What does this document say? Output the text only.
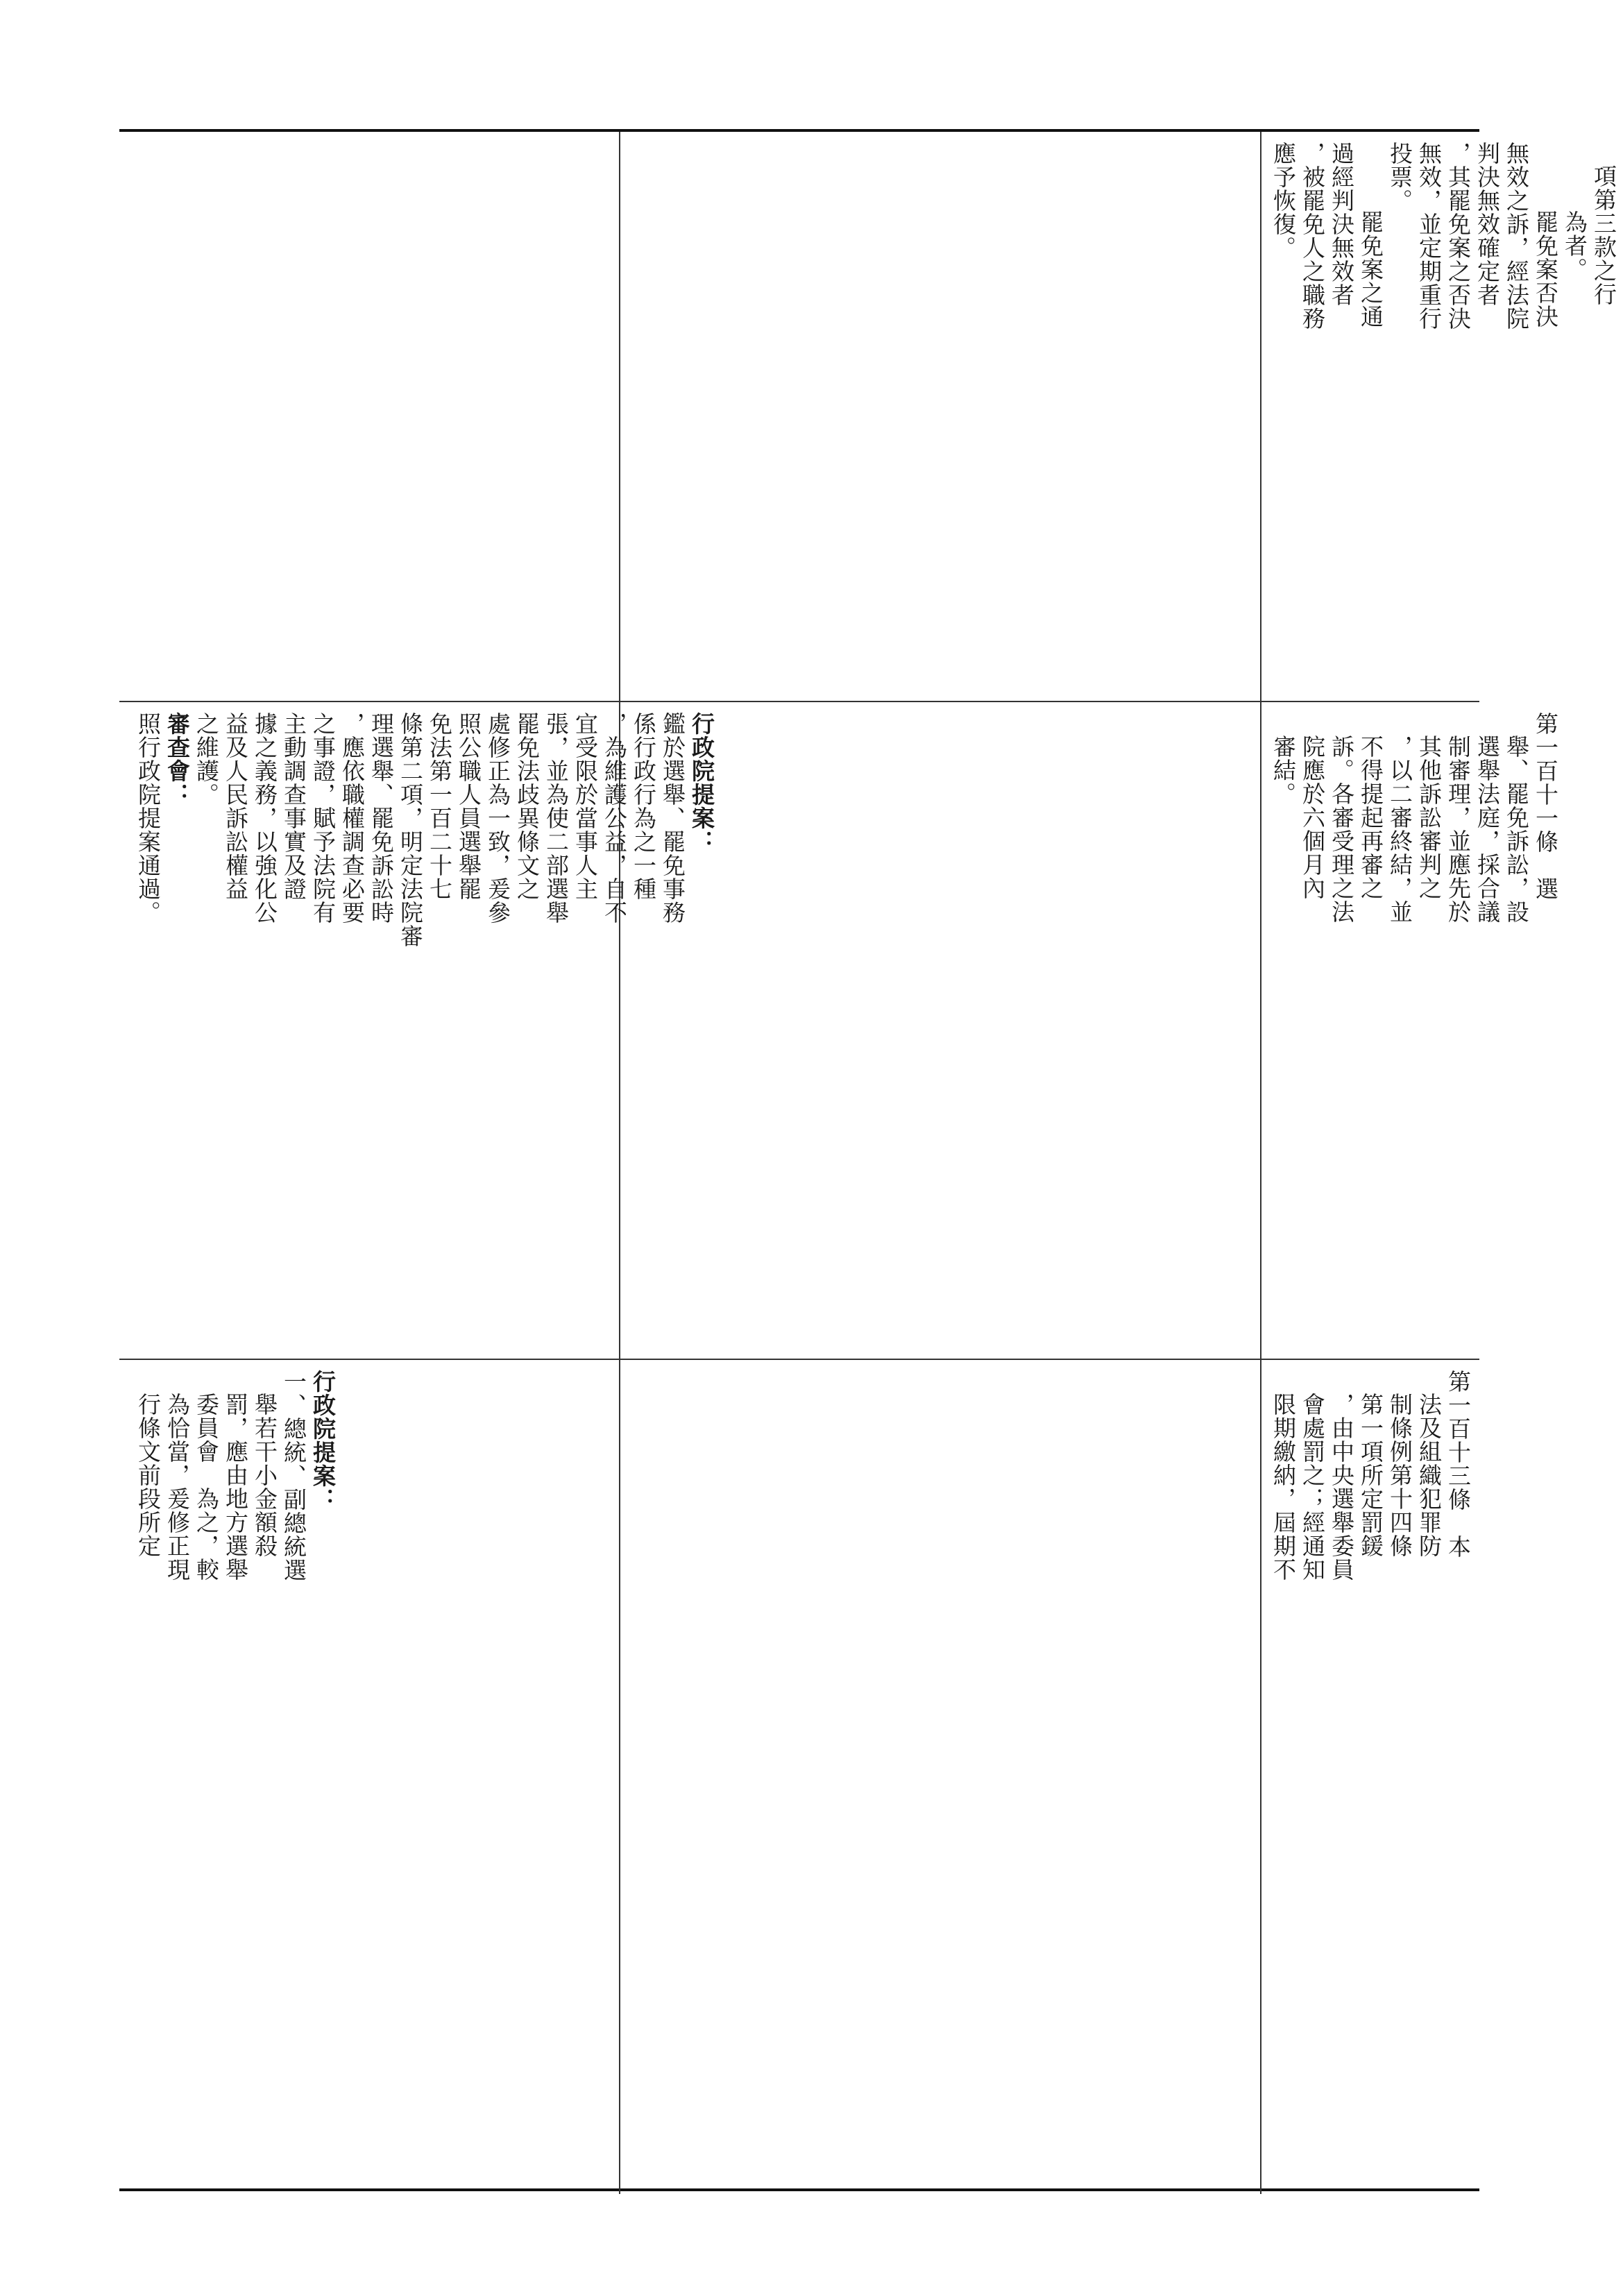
項第三款之行
為者。
罷免案否決
無效之訴，經法院
判決無效確定者
，其罷免案之否決
無效，並定期重行
投票。
罷免案之通
過經判決無效者
，被罷免人之職務
應予恢復。
行政院提案：
鑑於選舉、罷免事務
係行政行為之一種
，為維護公益，自不
宜受限於當事人主
張，並為使二部選舉
罷免法歧異條文之
處修正為一致，爰參
照公職人員選舉罷
免法第一百二十七
條第二項，明定法院審
理選舉、罷免訴訟時
，應依職權調查必要
之事證，賦予法院有
主動調查事實及證
據之義務，以強化公
益及人民訴訟權益
之維護。
審查會：
照行政院提案通過。	第一百十一條　選
舉、罷免訴訟，設
選舉法庭，採合議
制審理，並應先於
其他訴訟審判之
，以二審終結，並
不得提起再審之
訴。各審受理之法
院應於六個月內
審結。
行政院提案：
一、總統、副總統選
舉若干小金額殺
罰，應由地方選舉
委員會　為之，較
為恰當，爰修正現
行條文前段所定	第一百十三條　本
法及組織犯罪防
制條例第十四條
第一項所定罰鍰
，由中央選舉委員
會處罰之；經通知
限期繳納，屆期不
